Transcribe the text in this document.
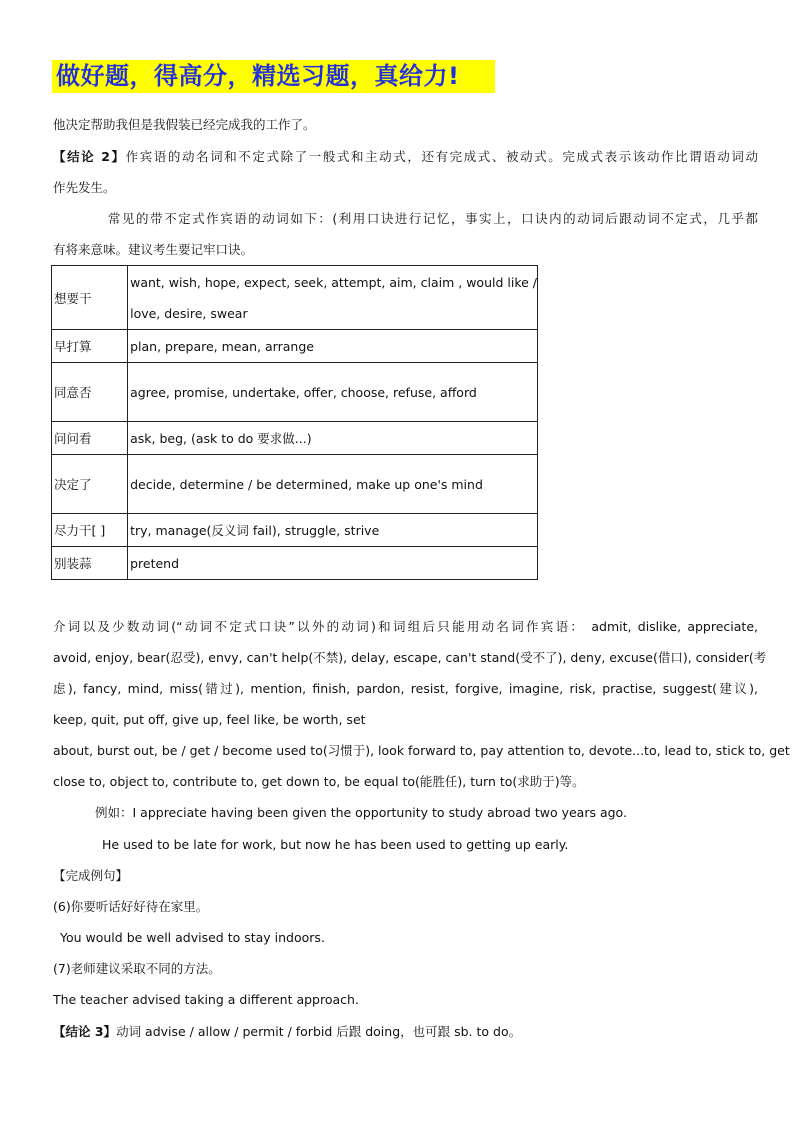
做好题，得高分，精选习题，真给力!
他决定帮助我但是我假装已经完成我的工作了。
【结论 2】作宾语的动名词和不定式除了一般式和主动式，还有完成式、被动式。完成式表示该动作比谓语动词动
作先发生。
常见的带不定式作宾语的动词如下：(利用口诀进行记忆，事实上，口诀内的动词后跟动词不定式，几乎都
有将来意味。建议考生要记牢口诀。
想要干	want, wish, hope, expect, seek, attempt, aim, claim , would like /
love, desire, swear

早打算	plan, prepare, mean, arrange
同意否	agree, promise, undertake, offer, choose, refuse, afford
问问看	ask, beg, (ask to do 要求做...)
决定了	decide, determine / be determined, make up one's mind
尽力干[ ]	try, manage(反义词 fail), struggle, strive
别装蒜	pretend
介词以及少数动词(“动词不定式口诀”以外的动词)和词组后只能用动名词作宾语： admit, dislike, appreciate,
avoid, enjoy, bear(忍受), envy, can't help(不禁), delay, escape, can't stand(受不了), deny, excuse(借口), consider(考
虑), fancy, mind, miss(错过), mention, finish, pardon, resist, forgive, imagine, risk, practise, suggest(建议),
keep, quit, put off, give up, feel like, be worth, set
about, burst out, be / get / become used to(习惯于), look forward to, pay attention to, devote...to, lead to, stick to, get
close to, object to, contribute to, get down to, be equal to(能胜任), turn to(求助于)等。
例如：I appreciate having been given the opportunity to study abroad two years ago.
He used to be late for work, but now he has been used to getting up early.
【完成例句】
(6)你要听话好好待在家里。
You would be well advised to stay indoors.
(7)老师建议采取不同的方法。
The teacher advised taking a different approach.
【结论 3】动词 advise / allow / permit / forbid 后跟 doing，也可跟 sb. to do。
